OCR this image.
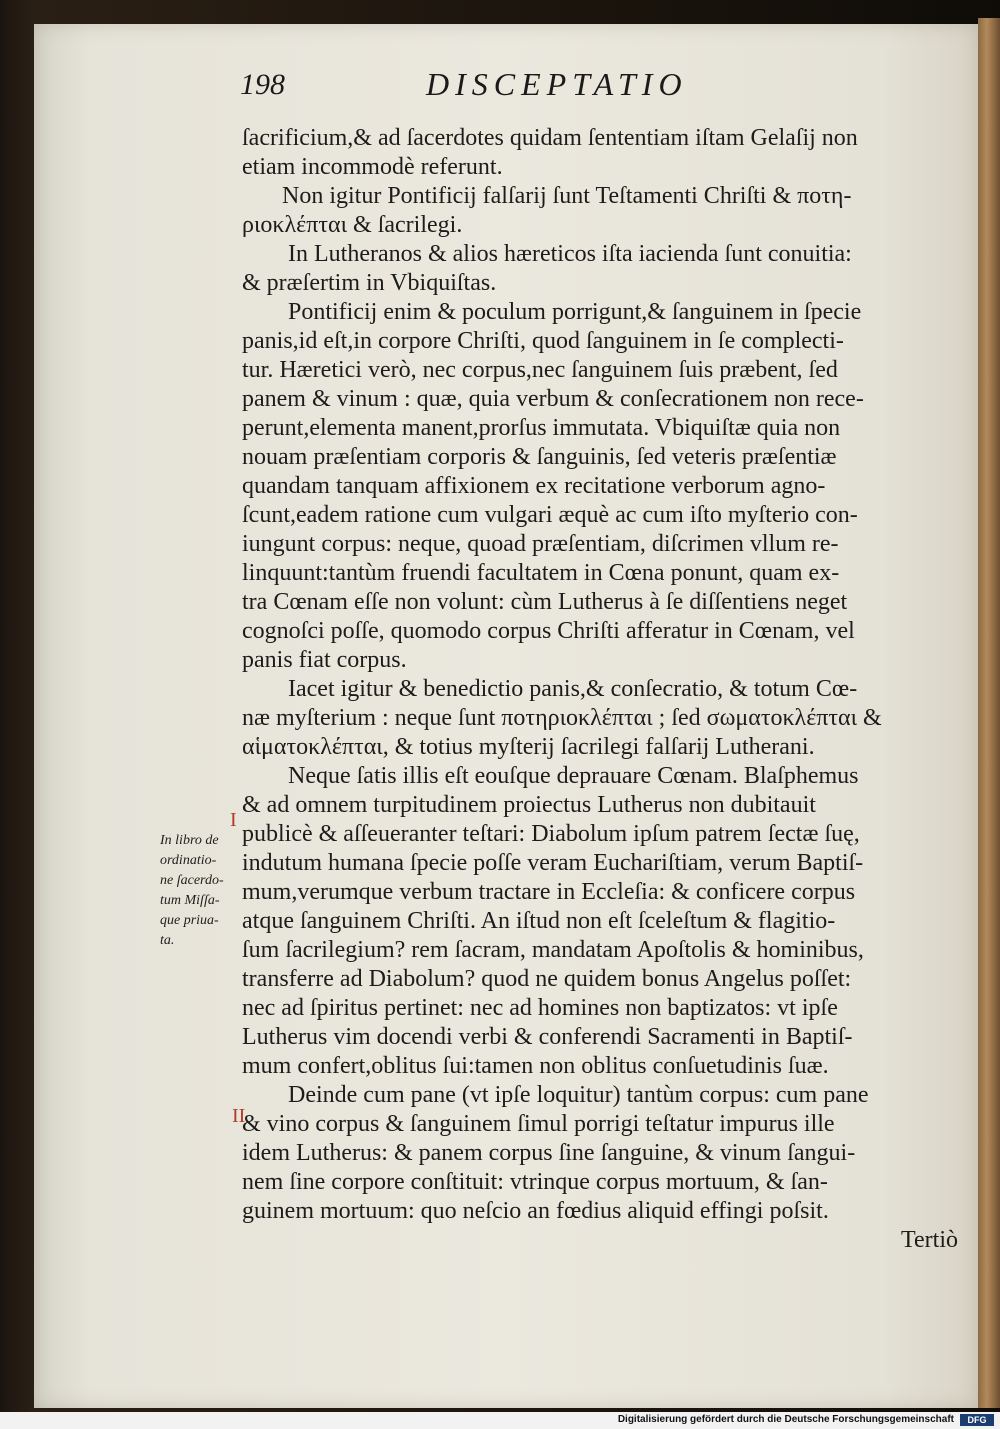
198	DISCEPTATIO
ſacrificium,& ad ſacerdotes quidam ſententiam iſtam Gelaſij non
etiam incommodè referunt.
Non igitur Pontificij falſarij ſunt Teſtamenti Chriſti & ποτη-
ριοκλέπται & ſacrilegi.
In Lutheranos & alios hæreticos iſta iacienda ſunt conuitia:
& præſertim in Vbiquiſtas.
Pontificij enim & poculum porrigunt,& ſanguinem in ſpecie
panis,id eſt,in corpore Chriſti, quod ſanguinem in ſe complecti-
tur. Hæretici verò, nec corpus,nec ſanguinem ſuis præbent, ſed
panem & vinum : quæ, quia verbum & conſecrationem non rece-
perunt,elementa manent,prorſus immutata. Vbiquiſtæ quia non
nouam præſentiam corporis & ſanguinis, ſed veteris præſentiæ
quandam tanquam affixionem ex recitatione verborum agno-
ſcunt,eadem ratione cum vulgari æquè ac cum iſto myſterio con-
iungunt corpus: neque, quoad præſentiam, diſcrimen vllum re-
linquunt:tantùm fruendi facultatem in Cœna ponunt, quam ex-
tra Cœnam eſſe non volunt: cùm Lutherus à ſe diſſentiens neget
cognoſci poſſe, quomodo corpus Chriſti afferatur in Cœnam, vel
panis fiat corpus.
Iacet igitur & benedictio panis,& conſecratio, & totum Cœ-
næ myſterium : neque ſunt ποτηριοκλέπται ; ſed σωματοκλέπται &
αἱματοκλέπται, & totius myſterij ſacrilegi falſarij Lutherani.
Neque ſatis illis eſt eouſque deprauare Cœnam. Blaſphemus
& ad omnem turpitudinem proiectus Lutherus non dubitauit
publicè & aſſeueranter teſtari: Diabolum ipſum patrem ſectæ ſuę,
indutum humana ſpecie poſſe veram Euchariſtiam, verum Baptiſ-
mum,verumque verbum tractare in Eccleſia: & conficere corpus
atque ſanguinem Chriſti. An iſtud non eſt ſceleſtum & flagitio-
ſum ſacrilegium? rem ſacram, mandatam Apoſtolis & hominibus,
transferre ad Diabolum? quod ne quidem bonus Angelus poſſet:
nec ad ſpiritus pertinet: nec ad homines non baptizatos: vt ipſe
Lutherus vim docendi verbi & conferendi Sacramenti in Baptiſ-
mum confert,oblitus ſui:tamen non oblitus conſuetudinis ſuæ.
Deinde cum pane (vt ipſe loquitur) tantùm corpus: cum pane
& vino corpus & ſanguinem ſimul porrigi teſtatur impurus ille
idem Lutherus: & panem corpus ſine ſanguine, & vinum ſangui-
nem ſine corpore conſtituit: vtrinque corpus mortuum, & ſan-
guinem mortuum: quo neſcio an fœdius aliquid effingi poſsit.
Tertiò
I
II
In libro de
ordinatio-
ne ſacerdo-
tum Miſſa-
que priua-
ta.
Digitalisierung gefördert durch die Deutsche Forschungsgemeinschaft	DFG
